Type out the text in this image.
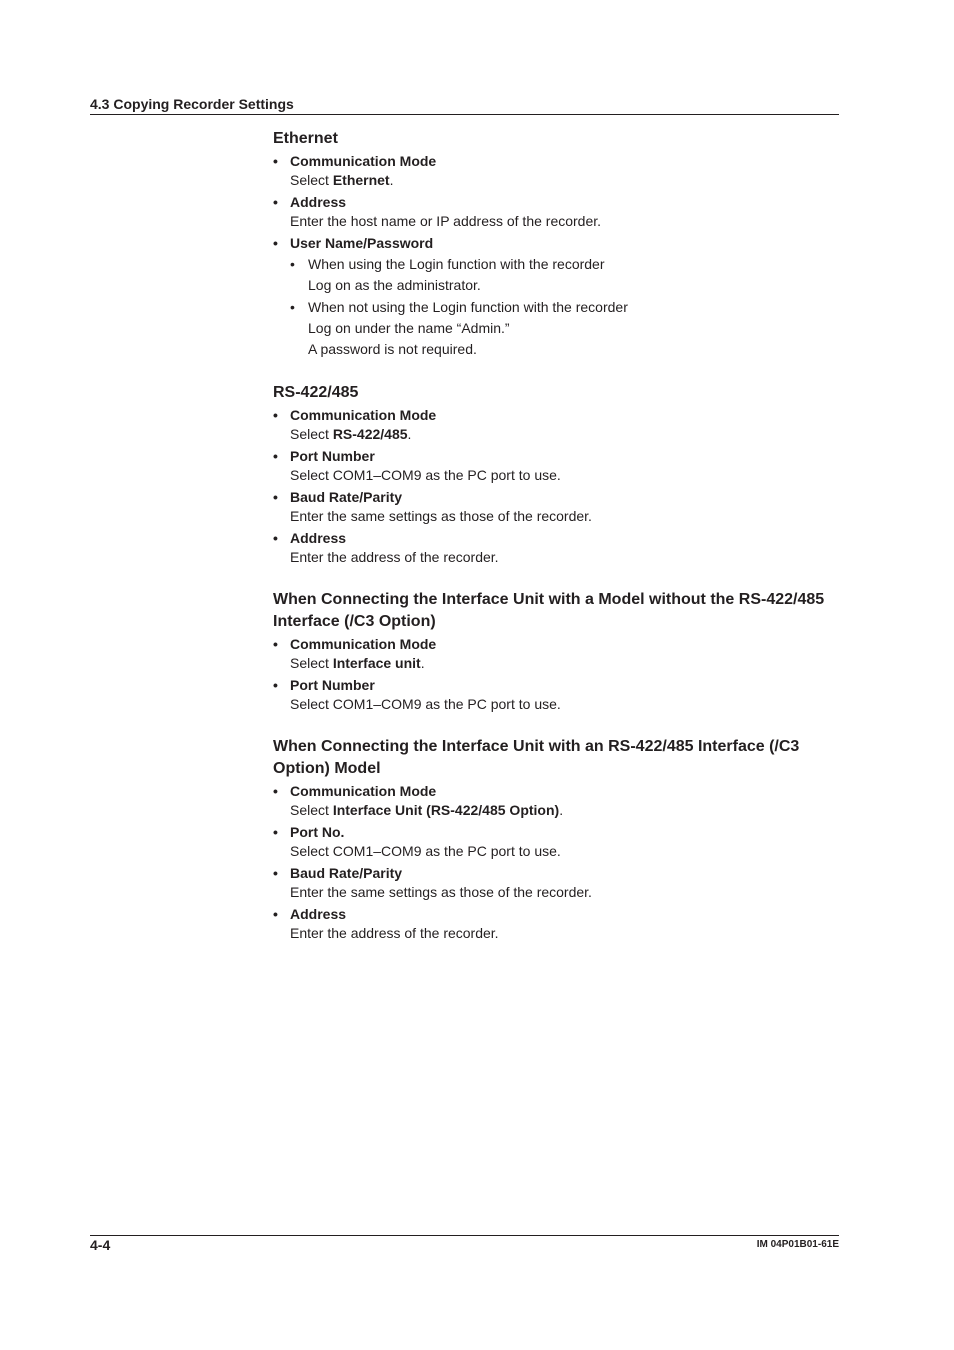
4.3 Copying Recorder Settings
Ethernet
• Communication Mode
Select Ethernet.
• Address
Enter the host name or IP address of the recorder.
• User Name/Password
• When using the Login function with the recorder
Log on as the administrator.
• When not using the Login function with the recorder
Log on under the name “Admin.”
A password is not required.
RS-422/485
• Communication Mode
Select RS-422/485.
• Port Number
Select COM1–COM9 as the PC port to use.
• Baud Rate/Parity
Enter the same settings as those of the recorder.
• Address
Enter the address of the recorder.
When Connecting the Interface Unit with a Model without the RS-422/485 Interface (/C3 Option)
• Communication Mode
Select Interface unit.
• Port Number
Select COM1–COM9 as the PC port to use.
When Connecting the Interface Unit with an RS-422/485 Interface (/C3 Option) Model
• Communication Mode
Select Interface Unit (RS-422/485 Option).
• Port No.
Select COM1–COM9 as the PC port to use.
• Baud Rate/Parity
Enter the same settings as those of the recorder.
• Address
Enter the address of the recorder.
4-4	IM 04P01B01-61E
